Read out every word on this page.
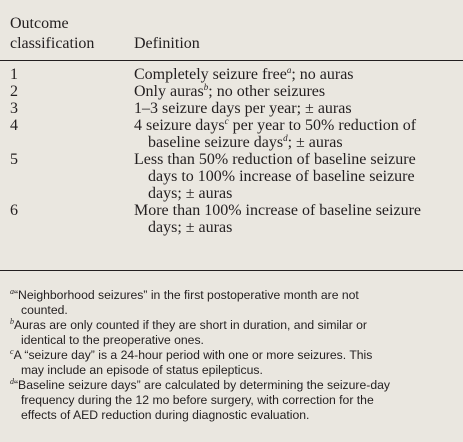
Outcome
classification	Definition
1	Completely seizure free$^a$; no auras
2	Only auras$^b$; no other seizures
3	1–3 seizure days per year; ± auras
4	4 seizure days$^c$ per year to 50% reduction of
baseline seizure days$^d$; ± auras
5	Less than 50% reduction of baseline seizure
days to 100% increase of baseline seizure
days; ± auras
6	More than 100% increase of baseline seizure
days; ± auras
$^a$“Neighborhood seizures” in the first postoperative month are not
counted.
$^b$Auras are only counted if they are short in duration, and similar or
identical to the preoperative ones.
$^c$A “seizure day” is a 24-hour period with one or more seizures. This
may include an episode of status epilepticus.
$^d$“Baseline seizure days” are calculated by determining the seizure-day
frequency during the 12 mo before surgery, with correction for the
effects of AED reduction during diagnostic evaluation.
